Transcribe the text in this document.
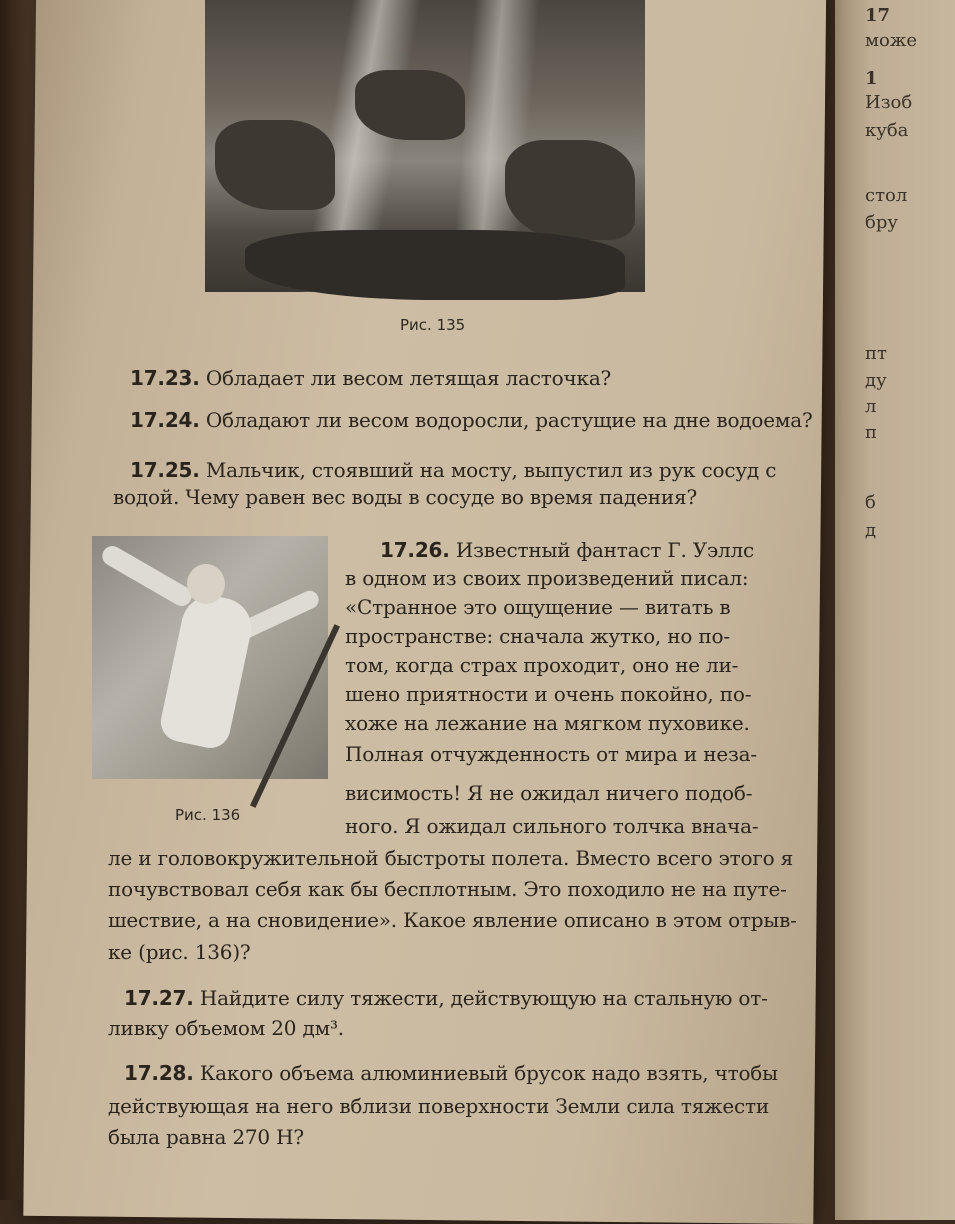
17
може
1
Изоб
куба
стол
бру
пт
ду
л
п
б
д
Рис. 135
17.23. Обладает ли весом летящая ласточка?
17.24. Обладают ли весом водоросли, растущие на дне водоема?
17.25. Мальчик, стоявший на мосту, выпустил из рук сосуд с
водой. Чему равен вес воды в сосуде во время падения?
Рис. 136
17.26. Известный фантаст Г. Уэллс
в одном из своих произведений писал:
«Странное это ощущение — витать в
пространстве: сначала жутко, но по-
том, когда страх проходит, оно не ли-
шено приятности и очень покойно, по-
хоже на лежание на мягком пуховике.
Полная отчужденность от мира и неза-
висимость! Я не ожидал ничего подоб-
ного. Я ожидал сильного толчка внача-
ле и головокружительной быстроты полета. Вместо всего этого я
почувствовал себя как бы бесплотным. Это походило не на путе-
шествие, а на сновидение». Какое явление описано в этом отрыв-
ке (рис. 136)?
17.27. Найдите силу тяжести, действующую на стальную от-
ливку объемом 20 дм³.
17.28. Какого объема алюминиевый брусок надо взять, чтобы
действующая на него вблизи поверхности Земли сила тяжести
была равна 270 Н?
